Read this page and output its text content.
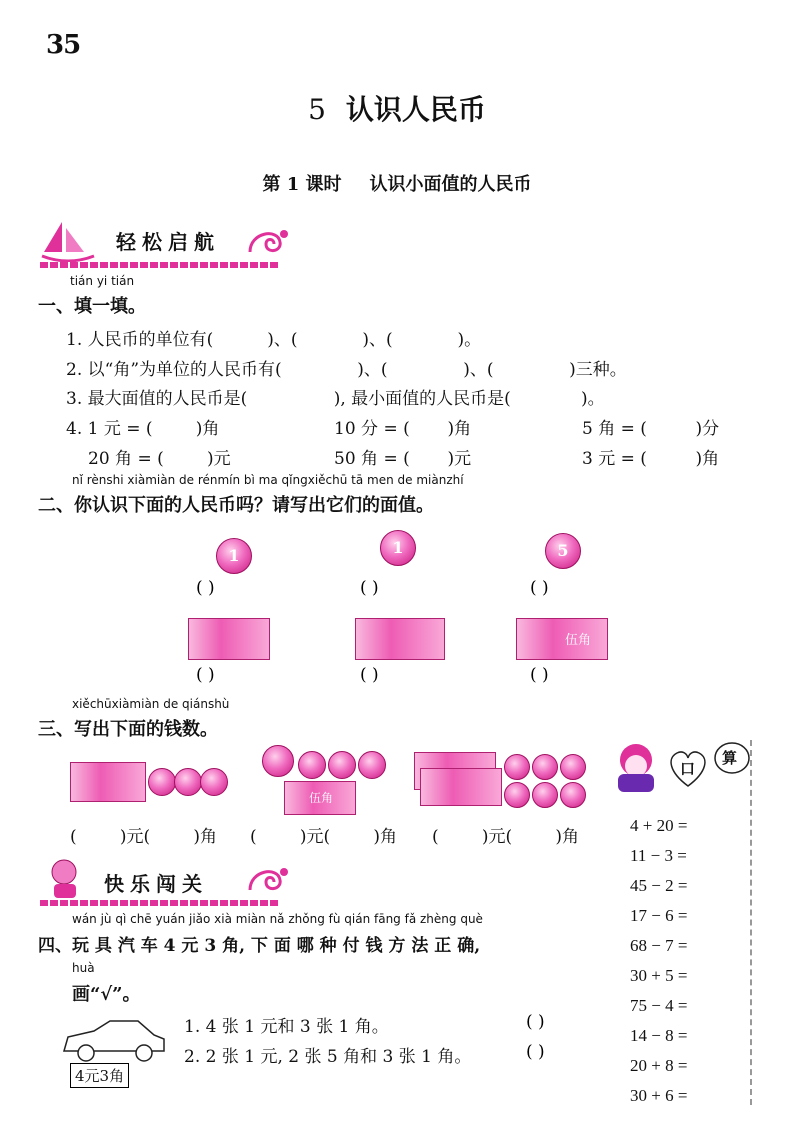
35
5 认识人民币
第 1 课时 认识小面值的人民币
轻松启航
tián yi tián
一、填一填。
1. 人民币的单位有(          )、(            )、(            )。
2. 以“角”为单位的人民币有(              )、(              )、(              )三种。
3. 最大面值的人民币是(                ), 最小面值的人民币是(             )。
4. 1 元 = (        )角	10 分 = (       )角	5 角 = (         )分
20 角 = (        )元	50 角 = (       )元	3 元 = (         )角
nǐ rènshi xiàmiàn de rénmín bì ma qǐngxiěchū tā men de miànzhí
二、你认识下面的人民币吗？请写出它们的面值。
1	1	5
( )	( )	( )
伍角
( )	( )	( )
xiěchūxiàmiàn de qiánshù
三、写出下面的钱数。
伍角
(        )元(        )角 (        )元(        )角 (        )元(        )角
口
算
4 + 20 =
11 − 3 =
45 − 2 =
17 − 6 =
68 − 7 =
30 + 5 =
75 − 4 =
14 − 8 =
20 + 8 =
30 + 6 =
快乐闯关
wán jù qì chē yuán jiǎo xià miàn nǎ zhǒng fù qián fāng fǎ zhèng què
四、玩 具 汽 车 4 元 3 角, 下 面 哪 种 付 钱 方 法 正 确,
huà
画“√”。
4元3角
1. 4 张 1 元和 3 张 1 角。	( )
2. 2 张 1 元, 2 张 5 角和 3 张 1 角。	( )
